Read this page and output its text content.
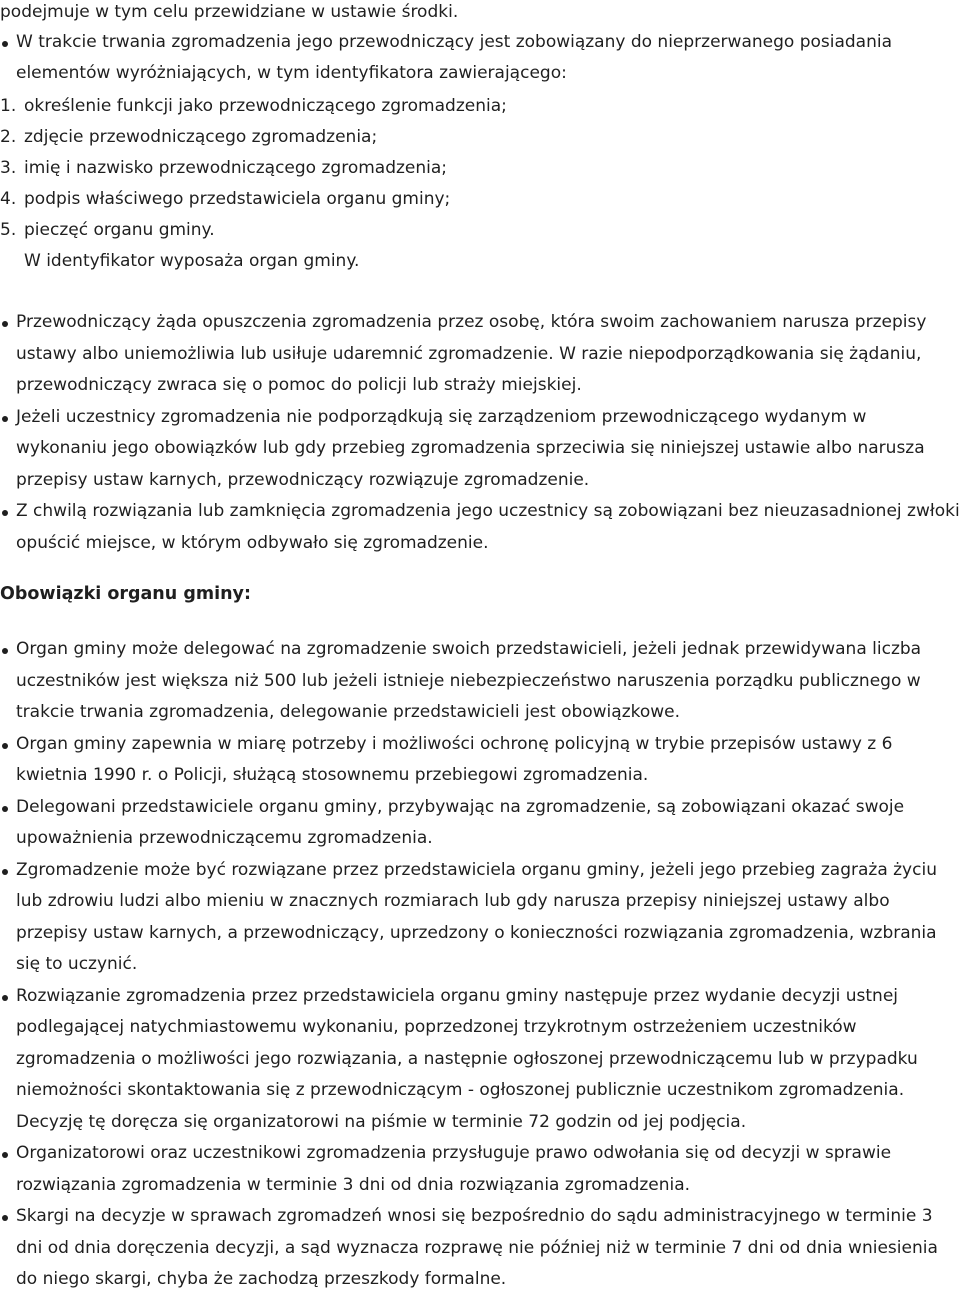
podejmuje w tym celu przewidziane w ustawie środki.
W trakcie trwania zgromadzenia jego przewodniczący jest zobowiązany do nieprzerwanego posiadania elementów wyróżniających, w tym identyfikatora zawierającego:
1. określenie funkcji jako przewodniczącego zgromadzenia;
2. zdjęcie przewodniczącego zgromadzenia;
3. imię i nazwisko przewodniczącego zgromadzenia;
4. podpis właściwego przedstawiciela organu gminy;
5. pieczęć organu gminy.
W identyfikator wyposaża organ gminy.
Przewodniczący żąda opuszczenia zgromadzenia przez osobę, która swoim zachowaniem narusza przepisy ustawy albo uniemożliwia lub usiłuje udaremnić zgromadzenie. W razie niepodporządkowania się żądaniu, przewodniczący zwraca się o pomoc do policji lub straży miejskiej.
Jeżeli uczestnicy zgromadzenia nie podporządkują się zarządzeniom przewodniczącego wydanym w wykonaniu jego obowiązków lub gdy przebieg zgromadzenia sprzeciwia się niniejszej ustawie albo narusza przepisy ustaw karnych, przewodniczący rozwiązuje zgromadzenie.
Z chwilą rozwiązania lub zamknięcia zgromadzenia jego uczestnicy są zobowiązani bez nieuzasadnionej zwłoki opuścić miejsce, w którym odbywało się zgromadzenie.
Obowiązki organu gminy:
Organ gminy może delegować na zgromadzenie swoich przedstawicieli, jeżeli jednak przewidywana liczba uczestników jest większa niż 500 lub jeżeli istnieje niebezpieczeństwo naruszenia porządku publicznego w trakcie trwania zgromadzenia, delegowanie przedstawicieli jest obowiązkowe.
Organ gminy zapewnia w miarę potrzeby i możliwości ochronę policyjną w trybie przepisów ustawy z 6 kwietnia 1990 r. o Policji, służącą stosownemu przebiegowi zgromadzenia.
Delegowani przedstawiciele organu gminy, przybywając na zgromadzenie, są zobowiązani okazać swoje upoważnienia przewodniczącemu zgromadzenia.
Zgromadzenie może być rozwiązane przez przedstawiciela organu gminy, jeżeli jego przebieg zagraża życiu lub zdrowiu ludzi albo mieniu w znacznych rozmiarach lub gdy narusza przepisy niniejszej ustawy albo przepisy ustaw karnych, a przewodniczący, uprzedzony o konieczności rozwiązania zgromadzenia, wzbrania się to uczynić.
Rozwiązanie zgromadzenia przez przedstawiciela organu gminy następuje przez wydanie decyzji ustnej podlegającej natychmiastowemu wykonaniu, poprzedzonej trzykrotnym ostrzeżeniem uczestników zgromadzenia o możliwości jego rozwiązania, a następnie ogłoszonej przewodniczącemu lub w przypadku niemożności skontaktowania się z przewodniczącym - ogłoszonej publicznie uczestnikom zgromadzenia. Decyzję tę doręcza się organizatorowi na piśmie w terminie 72 godzin od jej podjęcia.
Organizatorowi oraz uczestnikowi zgromadzenia przysługuje prawo odwołania się od decyzji w sprawie rozwiązania zgromadzenia w terminie 3 dni od dnia rozwiązania zgromadzenia.
Skargi na decyzje w sprawach zgromadzeń wnosi się bezpośrednio do sądu administracyjnego w terminie 3 dni od dnia doręczenia decyzji, a sąd wyznacza rozprawę nie później niż w terminie 7 dni od dnia wniesienia do niego skargi, chyba że zachodzą przeszkody formalne.
